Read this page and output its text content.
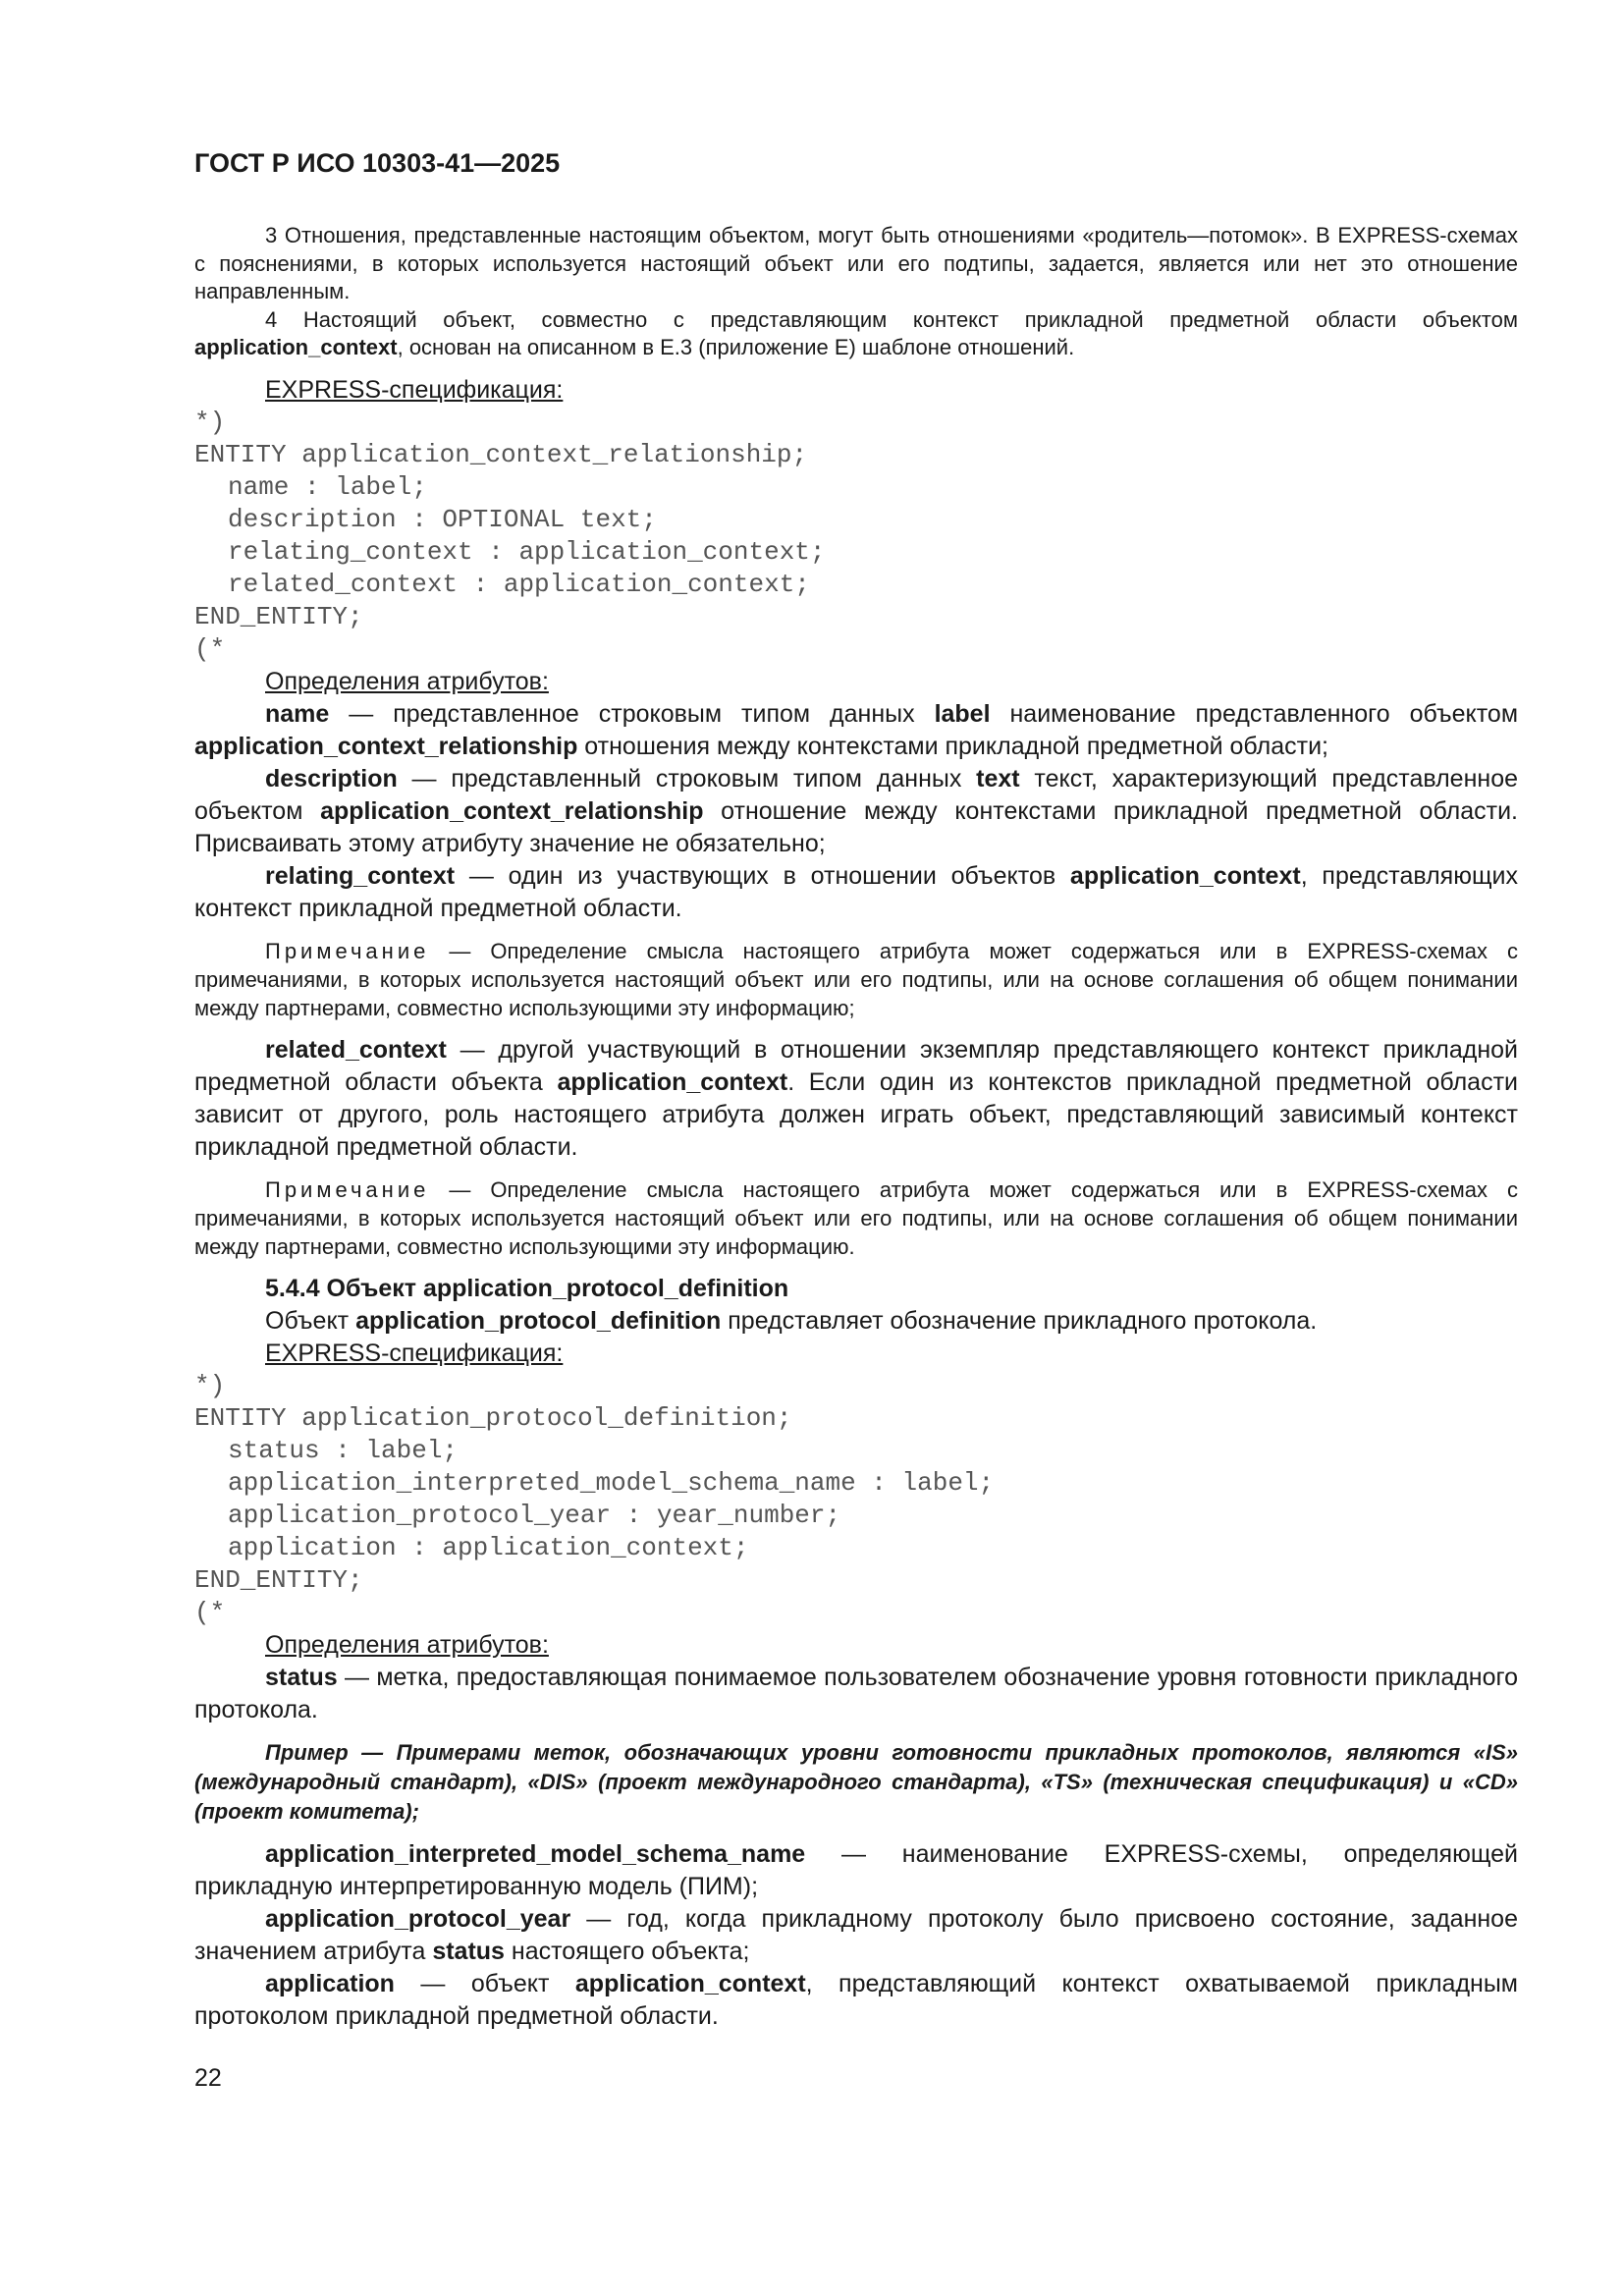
ГОСТ Р ИСО 10303-41—2025

3 Отношения, представленные настоящим объектом, могут быть отношениями «родитель—потомок». В EXPRESS-схемах с пояснениями, в которых используется настоящий объект или его подтипы, задается, является или нет это отношение направленным.

4 Настоящий объект, совместно с представляющим контекст прикладной предметной области объектом application_context, основан на описанном в Е.3 (приложение Е) шаблоне отношений.

EXPRESS-спецификация:

*)
ENTITY application_context_relationship;
name : label;
description : OPTIONAL text;
relating_context : application_context;
related_context : application_context;
END_ENTITY;
(*

Определения атрибутов:

name — представленное строковым типом данных label наименование представленного объектом application_context_relationship отношения между контекстами прикладной предметной области;

description — представленный строковым типом данных text текст, характеризующий представленное объектом application_context_relationship отношение между контекстами прикладной предметной области. Присваивать этому атрибуту значение не обязательно;

relating_context — один из участвующих в отношении объектов application_context, представляющих контекст прикладной предметной области.

Примечание — Определение смысла настоящего атрибута может содержаться или в EXPRESS-схемах с примечаниями, в которых используется настоящий объект или его подтипы, или на основе соглашения об общем понимании между партнерами, совместно использующими эту информацию;

related_context — другой участвующий в отношении экземпляр представляющего контекст прикладной предметной области объекта application_context. Если один из контекстов прикладной предметной области зависит от другого, роль настоящего атрибута должен играть объект, представляющий зависимый контекст прикладной предметной области.

Примечание — Определение смысла настоящего атрибута может содержаться или в EXPRESS-схемах с примечаниями, в которых используется настоящий объект или его подтипы, или на основе соглашения об общем понимании между партнерами, совместно использующими эту информацию.

5.4.4 Объект application_protocol_definition

Объект application_protocol_definition представляет обозначение прикладного протокола.

EXPRESS-спецификация:

*)
ENTITY application_protocol_definition;
status : label;
application_interpreted_model_schema_name : label;
application_protocol_year : year_number;
application : application_context;
END_ENTITY;
(*

Определения атрибутов:

status — метка, предоставляющая понимаемое пользователем обозначение уровня готовности прикладного протокола.

Пример — Примерами меток, обозначающих уровни готовности прикладных протоколов, являются «IS» (международный стандарт), «DIS» (проект международного стандарта), «TS» (техническая спецификация) и «CD» (проект комитета);

application_interpreted_model_schema_name — наименование EXPRESS-схемы, определяющей прикладную интерпретированную модель (ПИМ);

application_protocol_year — год, когда прикладному протоколу было присвоено состояние, заданное значением атрибута status настоящего объекта;

application — объект application_context, представляющий контекст охватываемой прикладным протоколом прикладной предметной области.

22
